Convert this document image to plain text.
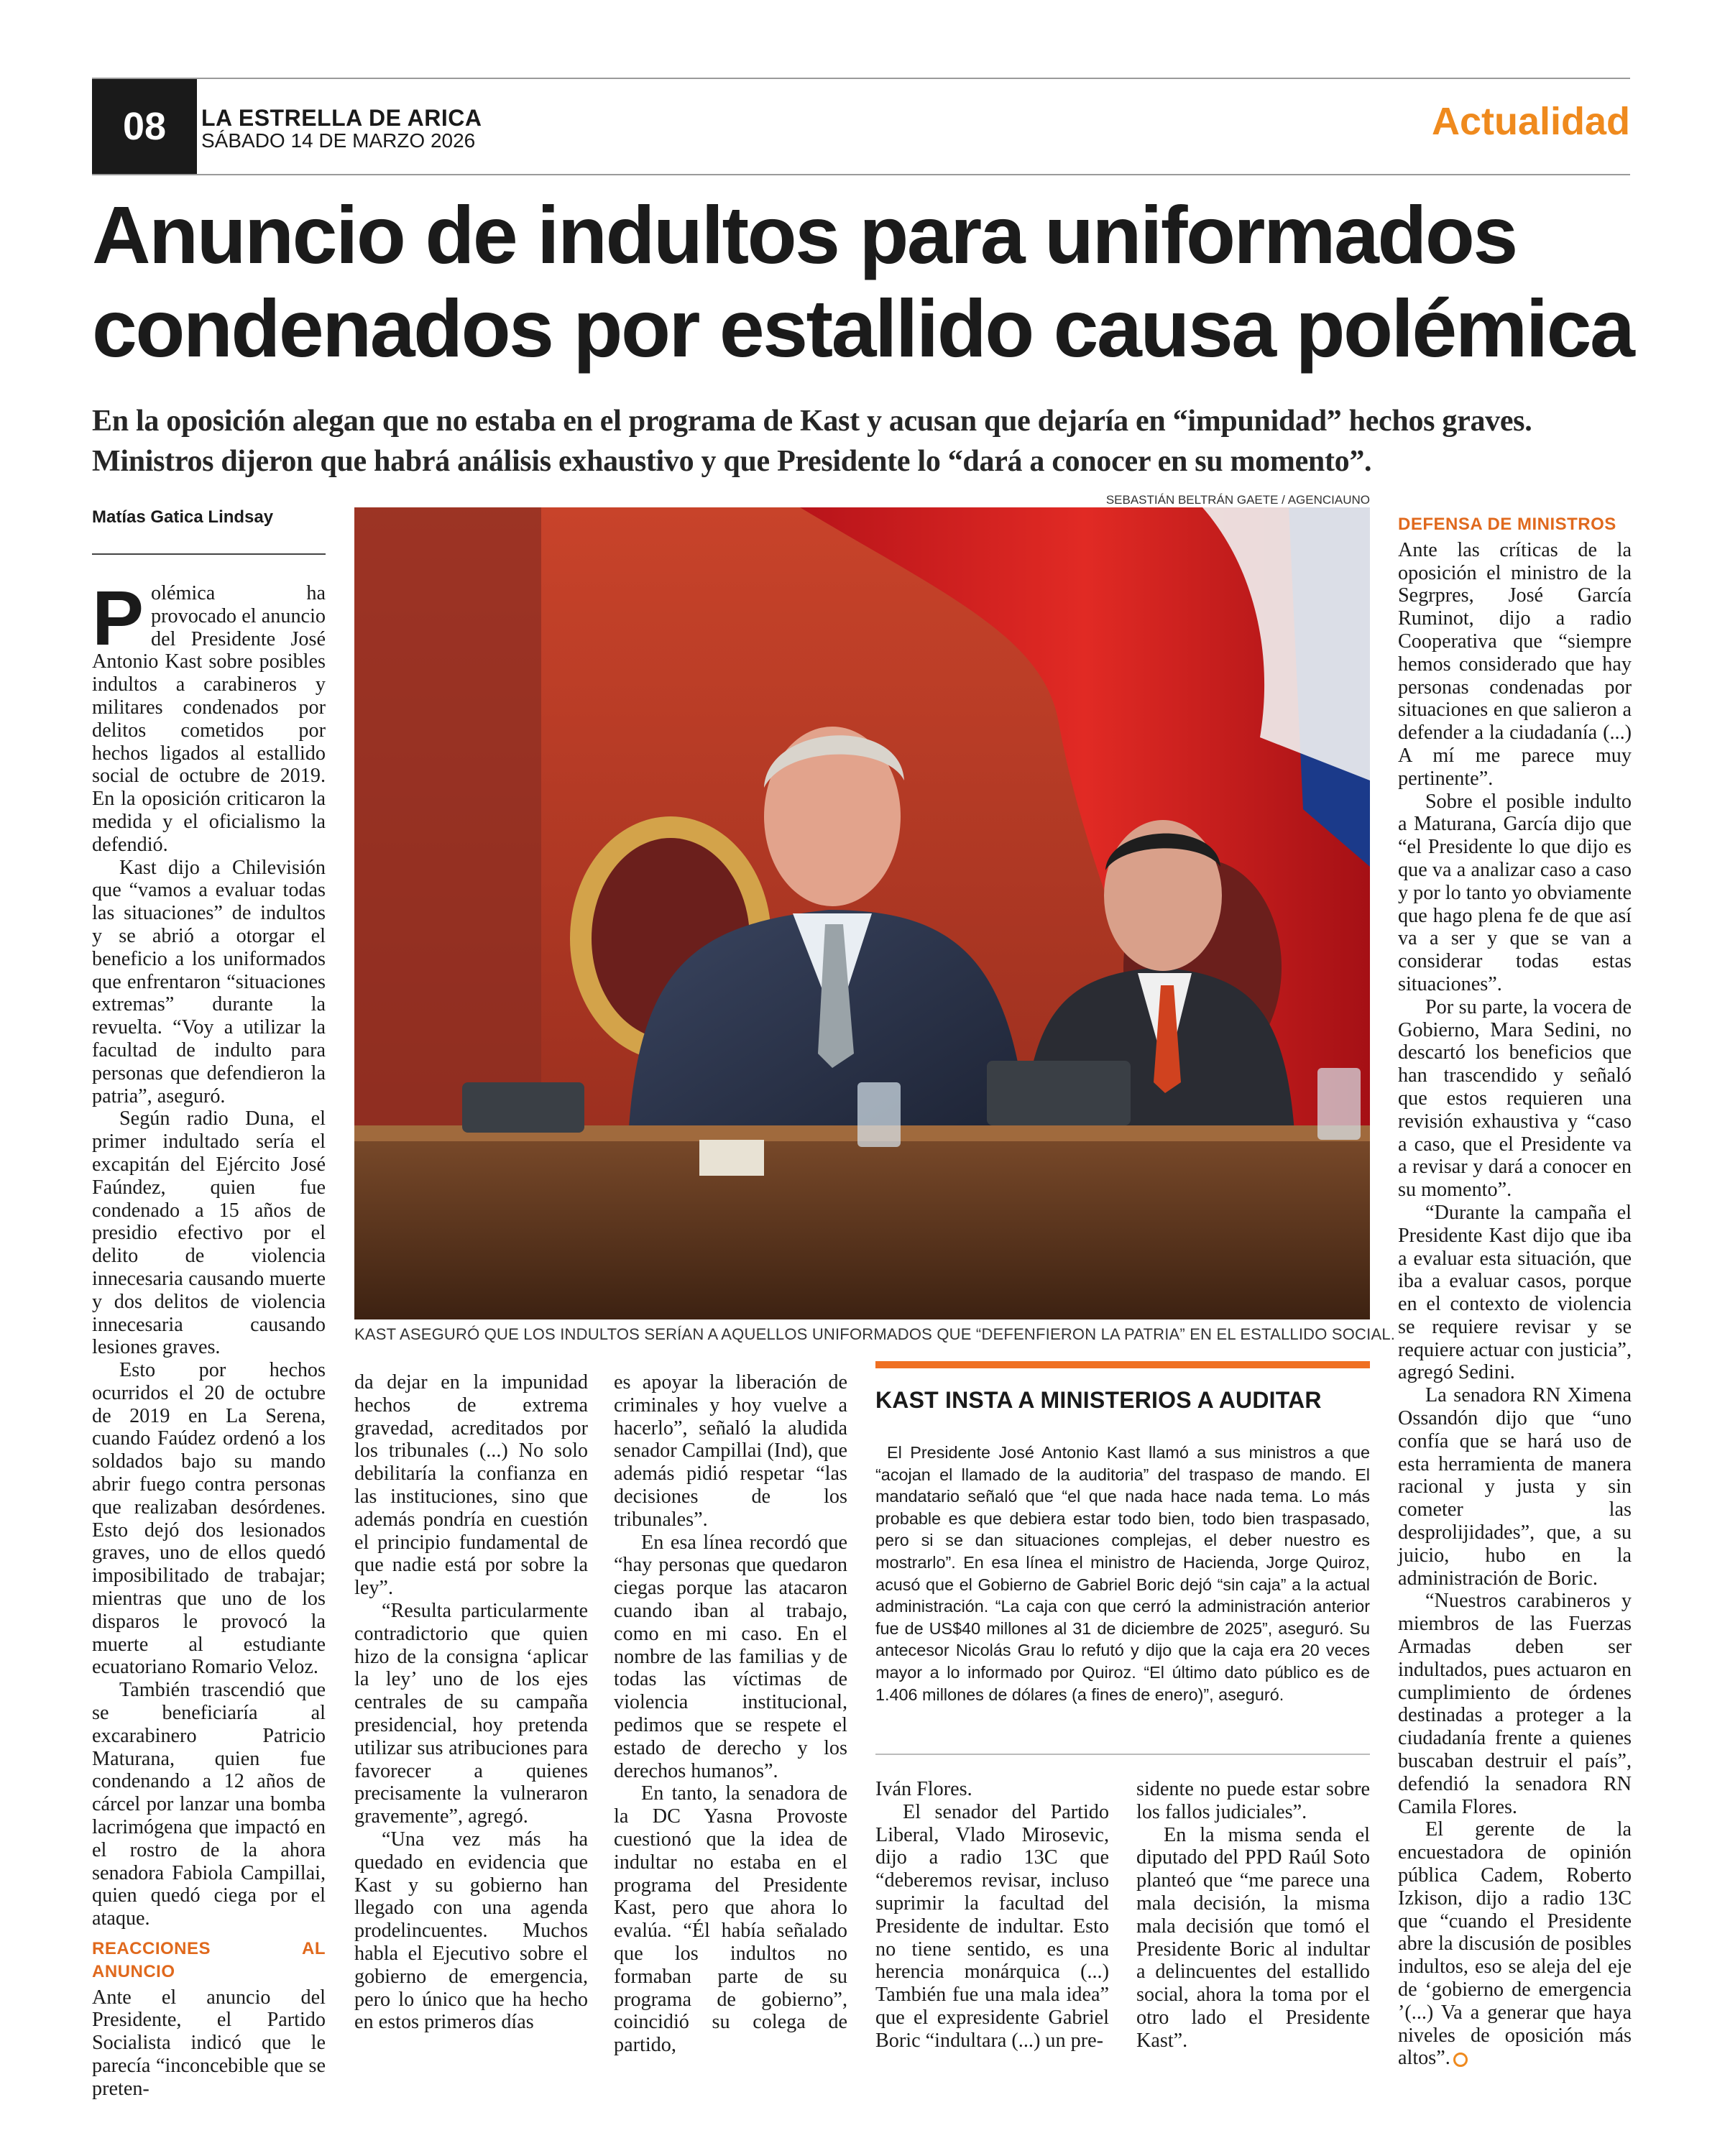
08	LA ESTRELLA DE ARICA
SÁBADO 14 DE MARZO 2026	Actualidad
Anuncio de indultos para uniformados
condenados por estallido causa polémica
En la oposición alegan que no estaba en el programa de Kast y acusan que dejaría en “impunidad” hechos graves.
Ministros dijeron que habrá análisis exhaustivo y que Presidente lo “dará a conocer en su momento”.
Matías Gatica Lindsay
SEBASTIÁN BELTRÁN GAETE / AGENCIAUNO
KAST ASEGURÓ QUE LOS INDULTOS SERÍAN A AQUELLOS UNIFORMADOS QUE “DEFENFIERON LA PATRIA” EN EL ESTALLIDO SOCIAL.

Polémica ha provocado el anuncio del Presidente José Antonio Kast sobre posibles indultos a carabineros y militares condenados por delitos cometidos por hechos ligados al estallido social de octubre de 2019. En la oposición criticaron la medida y el oficialismo la defendió.

Kast dijo a Chilevisión que “vamos a evaluar todas las situaciones” de indultos y se abrió a otorgar el beneficio a los uniformados que enfrentaron “situaciones extremas” durante la revuelta. “Voy a utilizar la facultad de indulto para personas que defendieron la patria”, aseguró.

Según radio Duna, el primer indultado sería el excapitán del Ejército José Faúndez, quien fue condenado a 15 años de presidio efectivo por el delito de violencia innecesaria causando muerte y dos delitos de violencia innecesaria causando lesiones graves.

Esto por hechos ocurridos el 20 de octubre de 2019 en La Serena, cuando Faúdez ordenó a los soldados bajo su mando abrir fuego contra personas que realizaban desórdenes. Esto dejó dos lesionados graves, uno de ellos quedó imposibilitado de trabajar; mientras que uno de los disparos le provocó la muerte al estudiante ecuatoriano Romario Veloz.

También trascendió que se beneficiaría al excarabinero Patricio Maturana, quien fue condenando a 12 años de cárcel por lanzar una bomba lacrimógena que impactó en el rostro de la ahora senadora Fabiola Campillai, quien quedó ciega por el ataque.

REACCIONES AL ANUNCIO

Ante el anuncio del Presidente, el Partido Socialista indicó que le parecía “inconcebible que se preten-

da dejar en la impunidad hechos de extrema gravedad, acreditados por los tribunales (...) No solo debilitaría la confianza en las instituciones, sino que además pondría en cuestión el principio fundamental de que nadie está por sobre la ley”.

“Resulta particularmente contradictorio que quien hizo de la consigna ‘aplicar la ley’ uno de los ejes centrales de su campaña presidencial, hoy pretenda utilizar sus atribuciones para favorecer a quienes precisamente la vulneraron gravemente”, agregó.

“Una vez más ha quedado en evidencia que Kast y su gobierno han llegado con una agenda prodelincuentes. Muchos habla el Ejecutivo sobre el gobierno de emergencia, pero lo único que ha hecho en estos primeros días

es apoyar la liberación de criminales y hoy vuelve a hacerlo”, señaló la aludida senador Campillai (Ind), que además pidió respetar “las decisiones de los tribunales”.

En esa línea recordó que “hay personas que quedaron ciegas porque las atacaron cuando iban al trabajo, como en mi caso. En el nombre de las familias y de todas las víctimas de violencia institucional, pedimos que se respete el estado de derecho y los derechos humanos”.

En tanto, la senadora de la DC Yasna Provoste cuestionó que la idea de indultar no estaba en el programa del Presidente Kast, pero que ahora lo evalúa. “Él había señalado que los indultos no formaban parte de su programa de gobierno”, coincidió su colega de partido,

KAST INSTA A MINISTERIOS A AUDITAR

El Presidente José Antonio Kast llamó a sus ministros a que “acojan el llamado de la auditoria” del traspaso de mando. El mandatario señaló que “el que nada hace nada tema. Lo más probable es que debiera estar todo bien, todo bien traspasado, pero si se dan situaciones complejas, el deber nuestro es mostrarlo”. En esa línea el ministro de Hacienda, Jorge Quiroz, acusó que el Gobierno de Gabriel Boric dejó “sin caja” a la actual administración. “La caja con que cerró la administración anterior fue de US$40 millones al 31 de diciembre de 2025”, aseguró. Su antecesor Nicolás Grau lo refutó y dijo que la caja era 20 veces mayor a lo informado por Quiroz. “El último dato público es de 1.406 millones de dólares (a fines de enero)”, aseguró.

Iván Flores.

El senador del Partido Liberal, Vlado Mirosevic, dijo a radio 13C que “deberemos revisar, incluso suprimir la facultad del Presidente de indultar. Esto no tiene sentido, es una herencia monárquica (...) También fue una mala idea” que el expresidente Gabriel Boric “indultara (...) un pre-

sidente no puede estar sobre los fallos judiciales”.

En la misma senda el diputado del PPD Raúl Soto planteó que “me parece una mala decisión, la misma mala decisión que tomó el Presidente Boric al indultar a delincuentes del estallido social, ahora la toma por el otro lado el Presidente Kast”.

DEFENSA DE MINISTROS

Ante las críticas de la oposición el ministro de la Segrpres, José García Ruminot, dijo a radio Cooperativa que “siempre hemos considerado que hay personas condenadas por situaciones en que salieron a defender a la ciudadanía (...) A mí me parece muy pertinente”.

Sobre el posible indulto a Maturana, García dijo que “el Presidente lo que dijo es que va a analizar caso a caso y por lo tanto yo obviamente que hago plena fe de que así va a ser y que se van a considerar todas estas situaciones”.

Por su parte, la vocera de Gobierno, Mara Sedini, no descartó los beneficios que han trascendido y señaló que estos requieren una revisión exhaustiva y “caso a caso, que el Presidente va a revisar y dará a conocer en su momento”.

“Durante la campaña el Presidente Kast dijo que iba a evaluar esta situación, que iba a evaluar casos, porque en el contexto de violencia se requiere revisar y se requiere actuar con justicia”, agregó Sedini.

La senadora RN Ximena Ossandón dijo que “uno confía que se hará uso de esta herramienta de manera racional y justa y sin cometer las desprolijidades”, que, a su juicio, hubo en la administración de Boric.

“Nuestros carabineros y miembros de las Fuerzas Armadas deben ser indultados, pues actuaron en cumplimiento de órdenes destinadas a proteger a la ciudadanía frente a quienes buscaban destruir el país”, defendió la senadora RN Camila Flores.

El gerente de la encuestadora de opinión pública Cadem, Roberto Izkison, dijo a radio 13C que “cuando el Presidente abre la discusión de posibles indultos, eso se aleja del eje de ‘gobierno de emergencia ’(...) Va a generar que haya niveles de oposición más altos”.
